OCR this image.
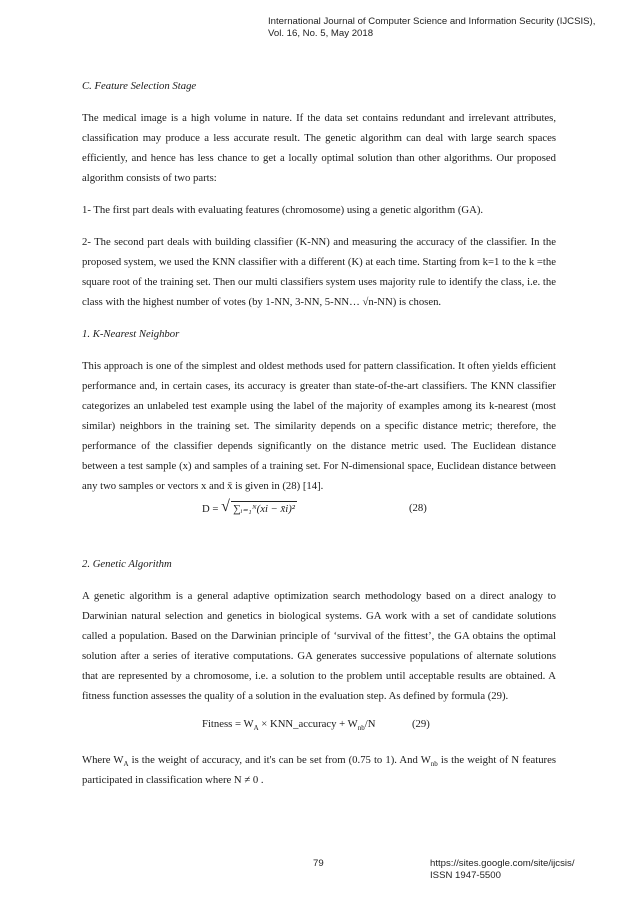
International Journal of Computer Science and Information Security (IJCSIS),
Vol. 16, No. 5, May 2018

C. Feature Selection Stage

The medical image is a high volume in nature. If the data set contains redundant and irrelevant attributes, classification may produce a less accurate result. The genetic algorithm can deal with large search spaces efficiently, and hence has less chance to get a locally optimal solution than other algorithms. Our proposed algorithm consists of two parts:

1- The first part deals with evaluating features (chromosome) using a genetic algorithm (GA).

2- The second part deals with building classifier (K-NN) and measuring the accuracy of the classifier. In the proposed system, we used the KNN classifier with a different (K) at each time. Starting from k=1 to the k =the square root of the training set. Then our multi classifiers system uses majority rule to identify the class, i.e. the class with the highest number of votes (by 1-NN, 3-NN, 5-NN… √n-NN) is chosen.

1. K-Nearest Neighbor

This approach is one of the simplest and oldest methods used for pattern classification. It often yields efficient performance and, in certain cases, its accuracy is greater than state-of-the-art classifiers. The KNN classifier categorizes an unlabeled test example using the label of the majority of examples among its k-nearest (most similar) neighbors in the training set. The similarity depends on a specific distance metric; therefore, the performance of the classifier depends significantly on the distance metric used. The Euclidean distance between a test sample (x) and samples of a training set. For N-dimensional space, Euclidean distance between any two samples or vectors x and x̄ is given in (28) [14].

D = √ ∑ᵢ₌₁ᴺ(xi − x̄i)²	(28)

2. Genetic Algorithm

A genetic algorithm is a general adaptive optimization search methodology based on a direct analogy to Darwinian natural selection and genetics in biological systems. GA work with a set of candidate solutions called a population. Based on the Darwinian principle of ‘survival of the fittest’, the GA obtains the optimal solution after a series of iterative computations. GA generates successive populations of alternate solutions that are represented by a chromosome, i.e. a solution to the problem until acceptable results are obtained. A fitness function assesses the quality of a solution in the evaluation step. As defined by formula (29).

Fitness = $W_A$ × KNN_accuracy + $W_{nb}/N$	(29)

Where $W_A$ is the weight of accuracy, and it's can be set from (0.75 to 1). And $W_{nb}$ is the weight of N features participated in classification where N ≠ 0 .

79	https://sites.google.com/site/ijcsis/
ISSN 1947-5500
